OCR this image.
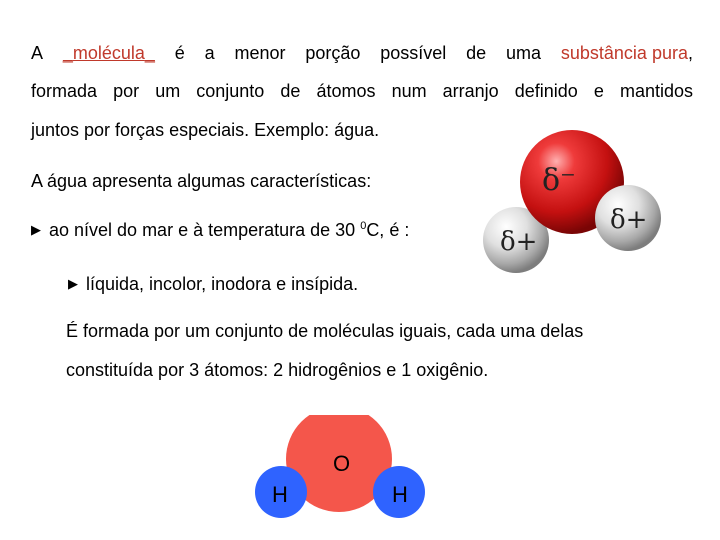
A _molécula_ é a menor porção possível de uma substância pura,
formada por um conjunto de átomos num arranjo definido e mantidos
juntos por forças especiais. Exemplo: água.
A água apresenta algumas características:
▶︎ ao nível do mar e à temperatura de 30 $^0$C, é :
▶︎ líquida, incolor, inodora e insípida.
É formada por um conjunto de moléculas iguais, cada uma delas
constituída por 3 átomos: 2 hidrogênios e 1 oxigênio.
δ+
δ⁻
δ+
O
H	H
